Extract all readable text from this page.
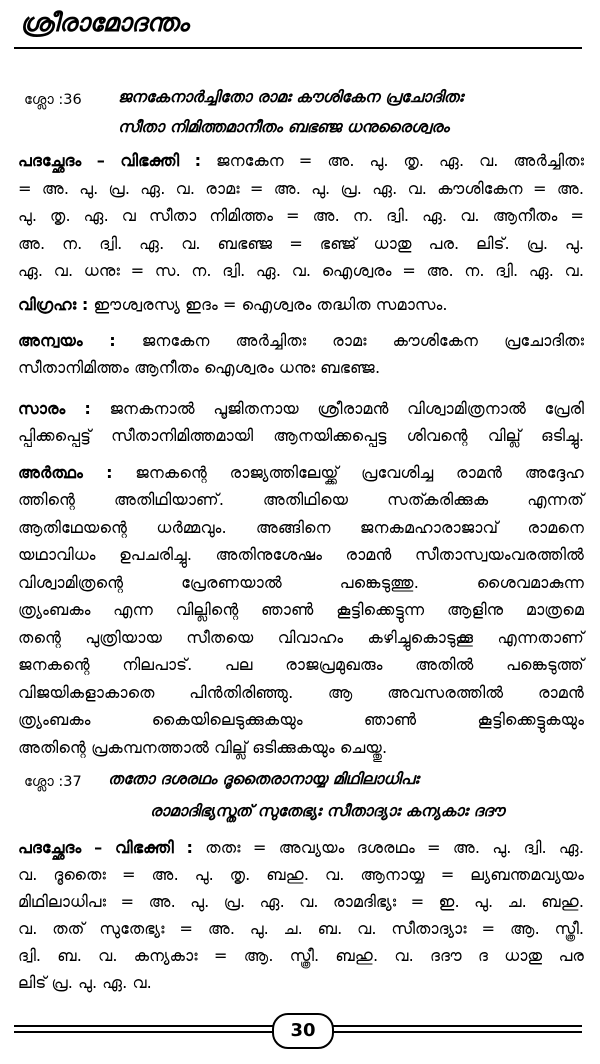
ശ്രീരാമോദന്തം
ശ്ലോ :36 ജനകേനാർച്ചിതോ രാമഃ കൗശികേന പ്രചോദിതഃ
സീതാ നിമിത്തമാനീതം ബഭഞ്ജ ധനുരൈശ്വരം
പദച്ഛേദം – വിഭക്തി : ജനകേന = അ. പു. തൃ. ഏ. വ. അർച്ചിതഃ
= അ. പു. പ്ര. ഏ. വ. രാമഃ = അ. പു. പ്ര. ഏ. വ. കൗശികേന = അ.
പു. തൃ. ഏ. വ സീതാ നിമിത്തം = അ. ന. ദ്വി. ഏ. വ. ആനീതം =
അ. ന. ദ്വി. ഏ. വ. ബഭഞ്ജ = ഭഞ്ജ് ധാതു പര. ലിട്. പ്ര. പു.
ഏ. വ. ധനുഃ = സ. ന. ദ്വി. ഏ. വ. ഐശ്വരം = അ. ന. ദ്വി. ഏ. വ.
വിഗ്രഹഃ : ഈശ്വരസ്യ ഇദം = ഐശ്വരം തദ്ധിത സമാസം.
അന്വയം : ജനകേന അർച്ചിതഃ രാമഃ കൗശികേന പ്രചോദിതഃ
സീതാനിമിത്തം ആനീതം ഐശ്വരം ധനുഃ ബഭഞ്ജ.
സാരം : ജനകനാൽ പൂജിതനായ ശ്രീരാമൻ വിശ്വാമിത്രനാൽ പ്രേരി
പ്പിക്കപ്പെട്ട് സീതാനിമിത്തമായി ആനയിക്കപ്പെട്ട ശിവന്റെ വില്ല് ഒടിച്ചു.
അർത്ഥം : ജനകന്റെ രാജ്യത്തിലേയ്ക്ക് പ്രവേശിച്ച രാമൻ അദ്ദേഹ
ത്തിന്റെ അതിഥിയാണ്. അതിഥിയെ സത്കരിക്കുക എന്നത്
ആതിഥേയന്റെ ധർമ്മവും. അങ്ങിനെ ജനകമഹാരാജാവ് രാമനെ
യഥാവിധം ഉപചരിച്ചു. അതിനുശേഷം രാമൻ സീതാസ്വയംവരത്തിൽ
വിശ്വാമിത്രന്റെ പ്രേരണയാൽ പങ്കെടുത്തു. ശൈവമാകുന്ന
ത്ര്യംബകം എന്ന വില്ലിന്റെ ഞാൺ കൂട്ടിക്കെട്ടുന്ന ആളിനു മാത്രമെ
തന്റെ പുത്രിയായ സീതയെ വിവാഹം കഴിച്ചുകൊടുക്കൂ എന്നതാണ്
ജനകന്റെ നിലപാട്. പല രാജപ്രമുഖരും അതിൽ പങ്കെടുത്ത്
വിജയികളാകാതെ പിൻതിരിഞ്ഞു. ആ അവസരത്തിൽ രാമൻ
ത്ര്യംബകം കൈയിലെടുക്കുകയും ഞാൺ കൂട്ടിക്കെട്ടുകയും
അതിന്റെ പ്രകമ്പനത്താൽ വില്ല് ഒടിക്കുകയും ചെയ്തു.
ശ്ലോ :37 തതോ ദശരഥം ദൂതൈരാനായ്യ മിഥിലാധിപഃ
രാമാദിഭ്യസ്തത് സുതേഭ്യഃ സീതാദ്യാഃ കന്യകാഃ ദദൗ
പദച്ഛേദം – വിഭക്തി : തതഃ = അവ്യയം ദശരഥം = അ. പു. ദ്വി. ഏ.
വ. ദൂതൈഃ = അ. പു. തൃ. ബഹു. വ. ആനായ്യ = ല്യബന്തമവ്യയം
മിഥിലാധിപഃ = അ. പു. പ്ര. ഏ. വ. രാമദിഭ്യഃ = ഇ. പു. ച. ബഹു.
വ. തത് സുതേഭ്യഃ = അ. പു. ച. ബ. വ. സീതാദ്യാഃ = ആ. സ്ത്രീ.
ദ്വി. ബ. വ. കന്യകാഃ = ആ. സ്ത്രീ. ബഹു. വ. ദദൗ ദ ധാതു പര
ലിട് പ്ര. പു. ഏ. വ.
30
